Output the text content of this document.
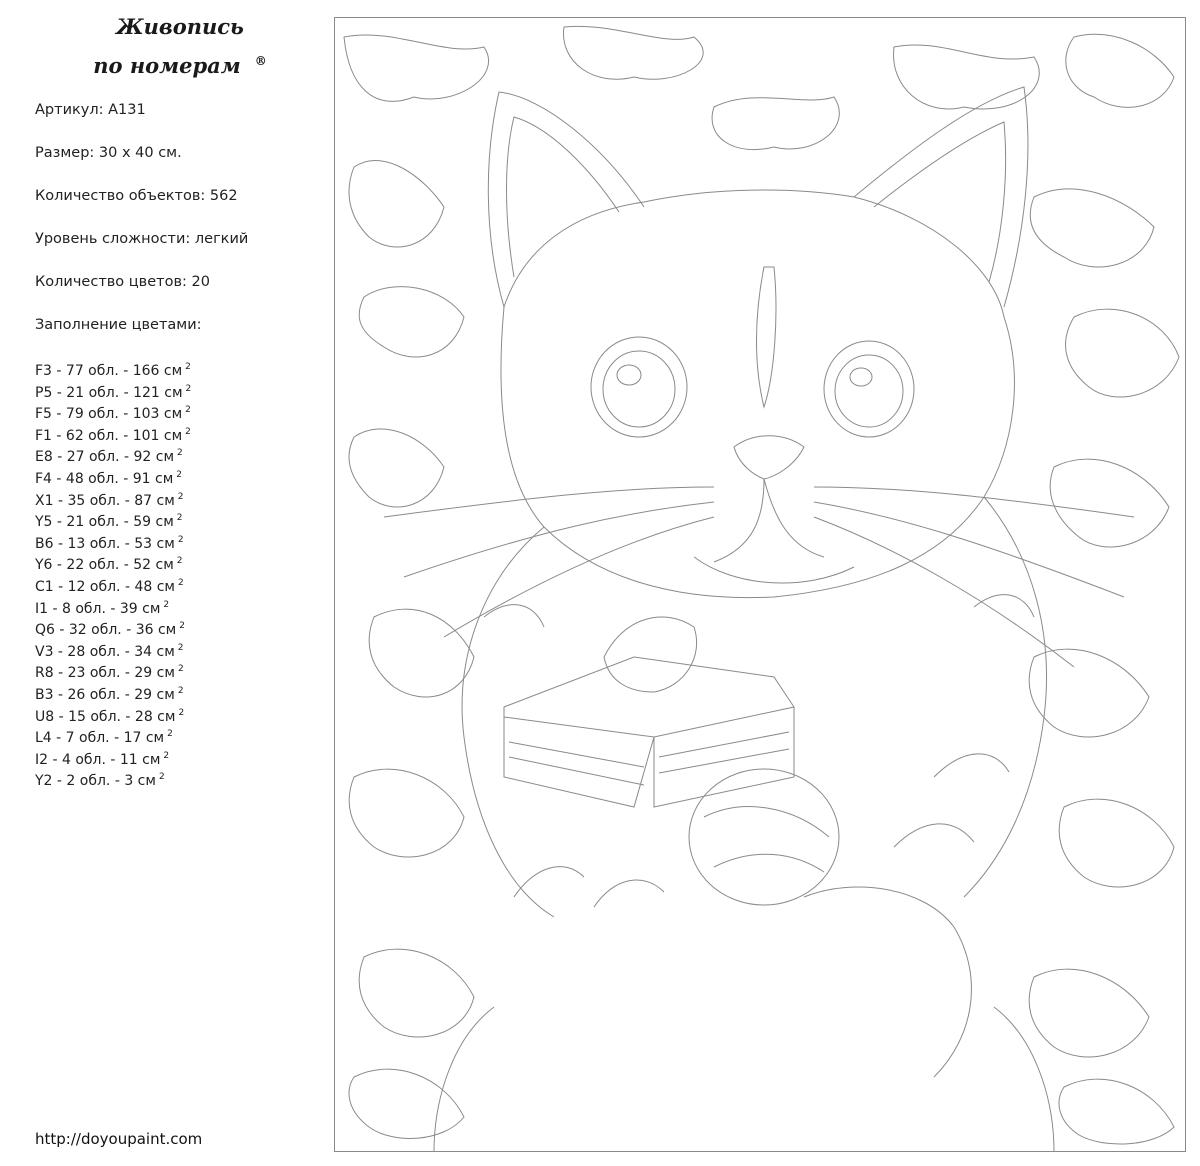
Живопись
по номерам ®
Артикул: A131
Размер: 30 x 40 см.
Количество объектов: 562
Уровень сложности: легкий
Количество цветов: 20
Заполнение цветами:
F3 - 77 обл. - 166 см $^2$
P5 - 21 обл. - 121 см $^2$
F5 - 79 обл. - 103 см $^2$
F1 - 62 обл. - 101 см $^2$
E8 - 27 обл. - 92 см $^2$
F4 - 48 обл. - 91 см $^2$
X1 - 35 обл. - 87 см $^2$
Y5 - 21 обл. - 59 см $^2$
B6 - 13 обл. - 53 см $^2$
Y6 - 22 обл. - 52 см $^2$
C1 - 12 обл. - 48 см $^2$
I1 - 8 обл. - 39 см $^2$
Q6 - 32 обл. - 36 см $^2$
V3 - 28 обл. - 34 см $^2$
R8 - 23 обл. - 29 см $^2$
B3 - 26 обл. - 29 см $^2$
U8 - 15 обл. - 28 см $^2$
L4 - 7 обл. - 17 см $^2$
I2 - 4 обл. - 11 см $^2$
Y2 - 2 обл. - 3 см $^2$
http://doyoupaint.com
